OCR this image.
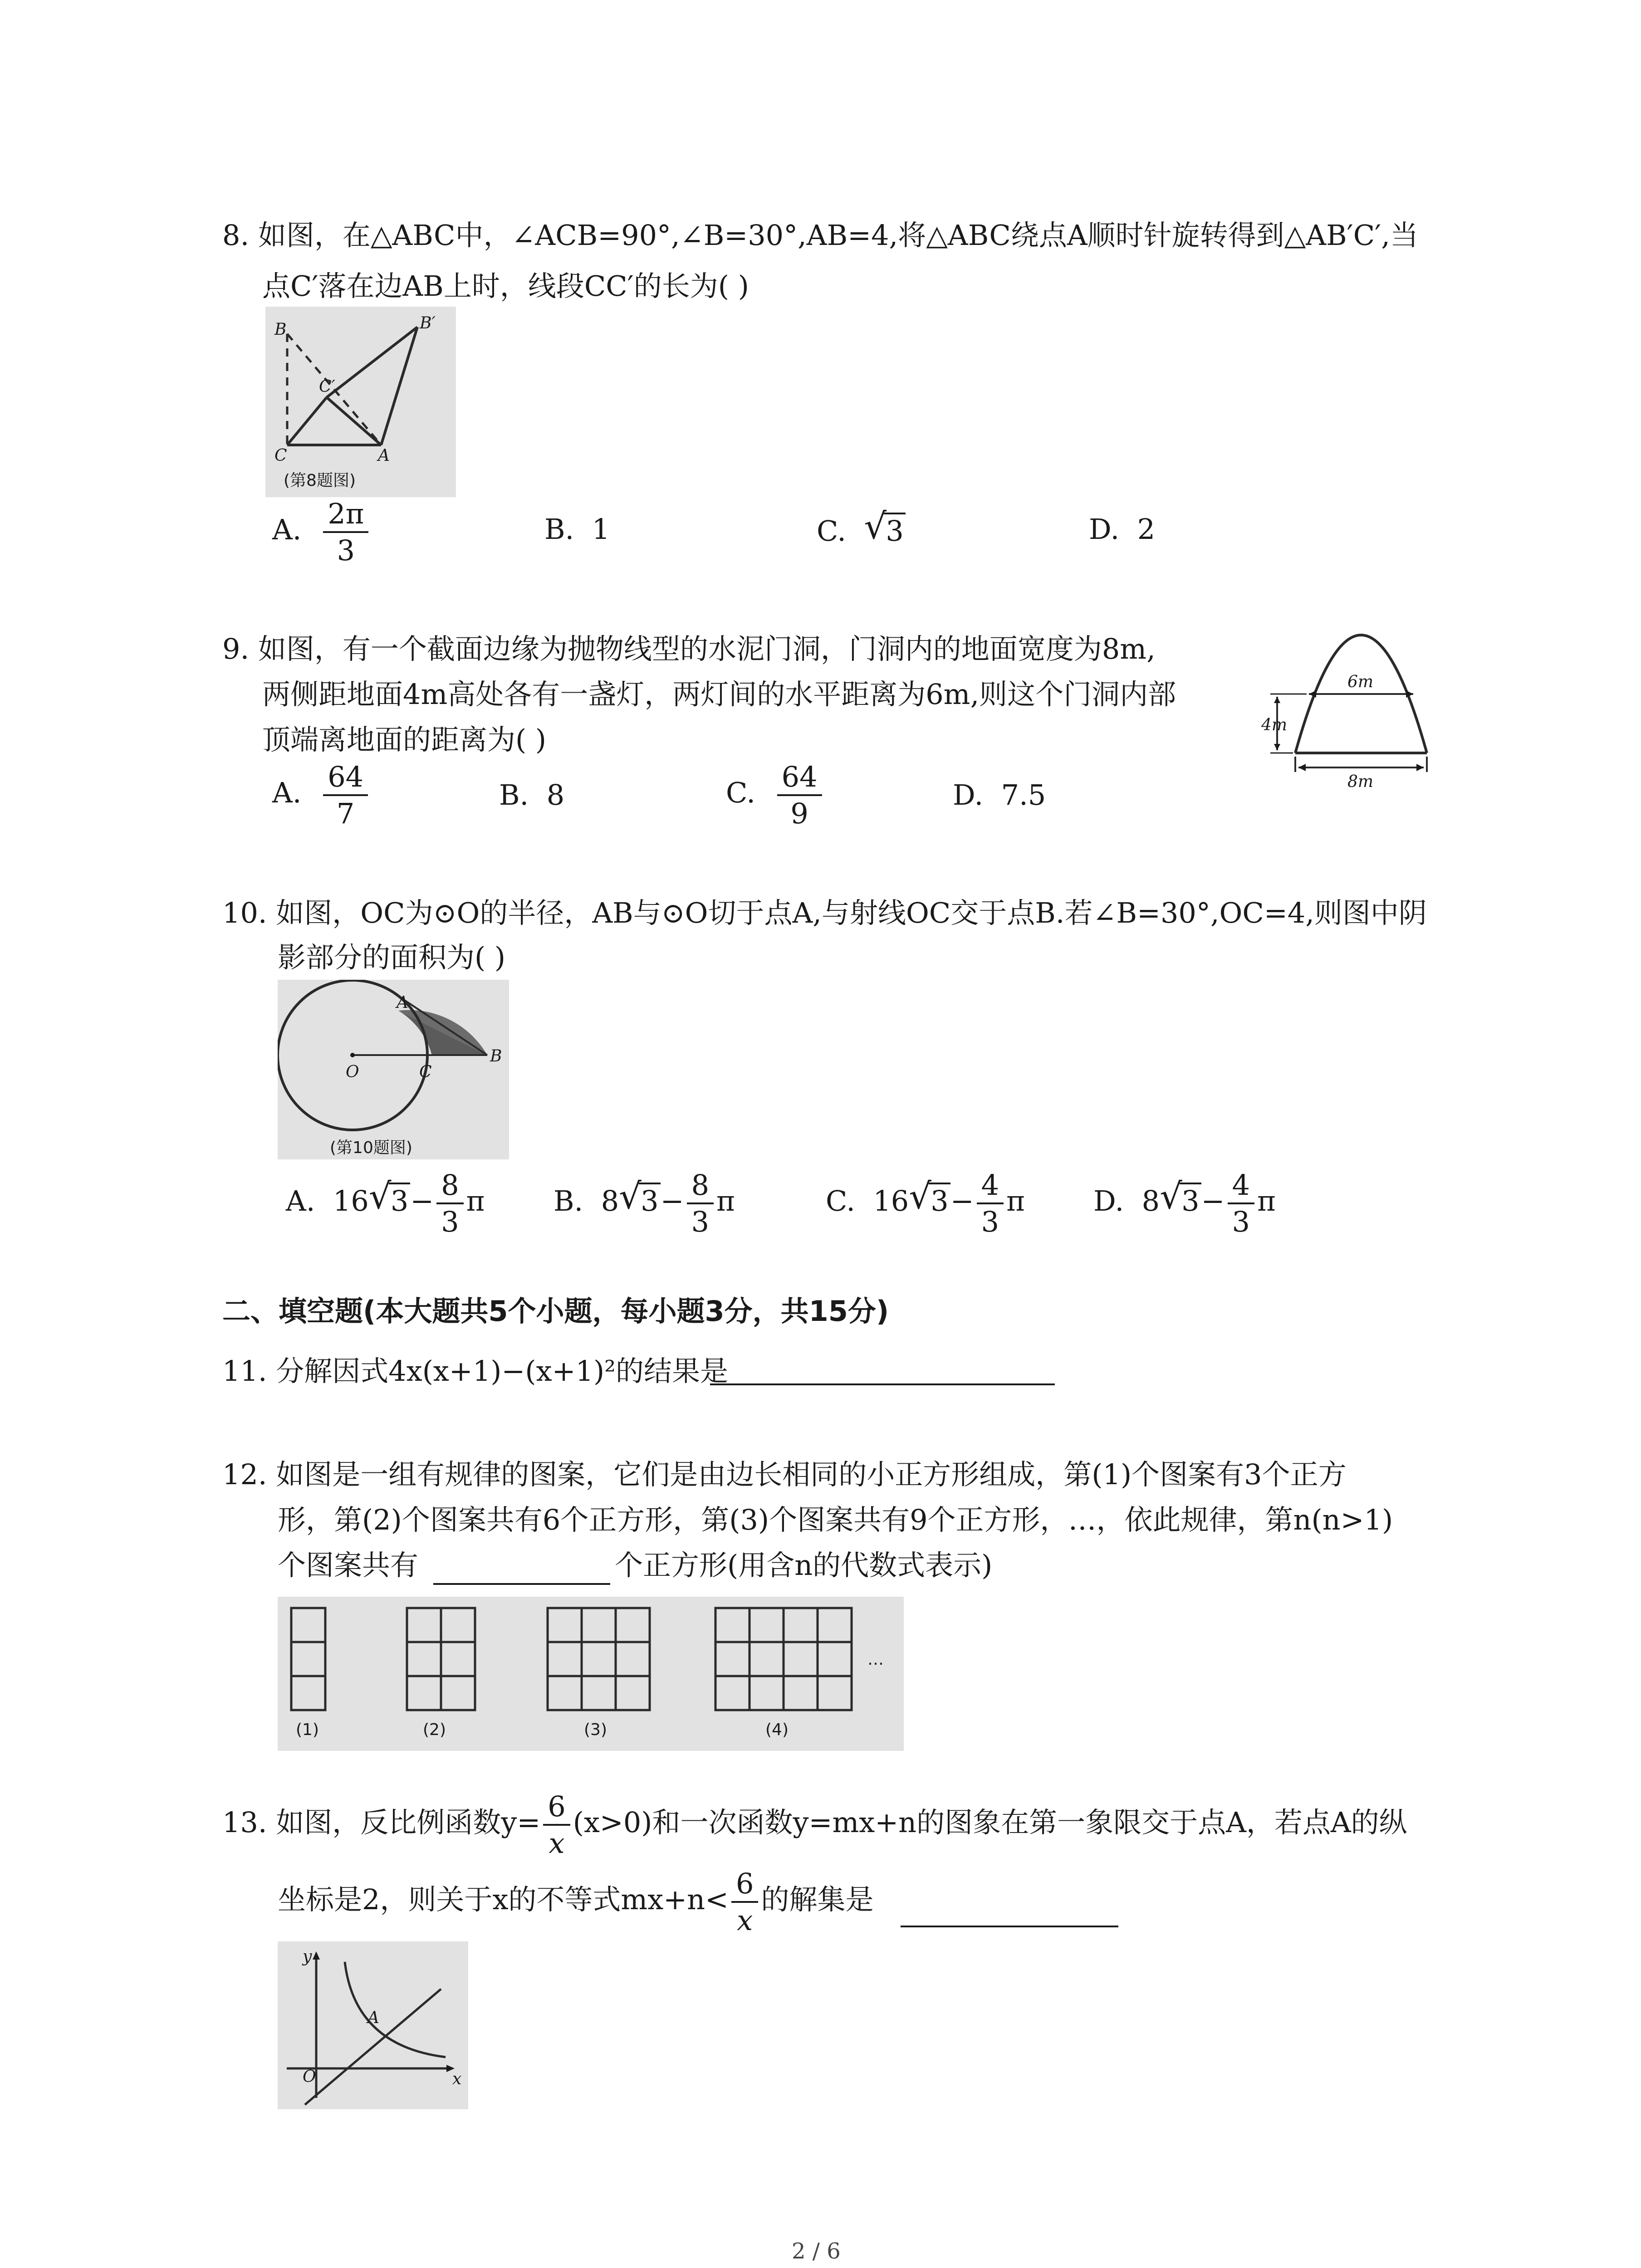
8. 如图，在△ABC中，∠ACB=90°,∠B=30°,AB=4,将△ABC绕点A顺时针旋转得到△AB′C′,当
点C′落在边AB上时，线段CC′的长为( )
B	B′
C′
C	A
(第8题图)
A. $\frac{2\pi}{3}$	B. 1	C. √
3	D. 2
9. 如图，有一个截面边缘为抛物线型的水泥门洞，门洞内的地面宽度为8m,
两侧距地面4m高处各有一盏灯，两灯间的水平距离为6m,则这个门洞内部
顶端离地面的距离为( )
6m
4m
8m
A. $\frac{64}{7}$	B. 8	C. $\frac{64}{9}$	D. 7.5
10. 如图，OC为⊙O的半径，AB与⊙O切于点A,与射线OC交于点B.若∠B=30°,OC=4,则图中阴
影部分的面积为( )
A
O	C
B
(第10题图)
A. 16 √
$3- \frac{8}{3}$ π B. 8 √
$3- \frac{8}{3}$ π	C. 16 √
$3- \frac{4}{3}$ π D. 8 √
$3- \frac{4}{3}$ π
二、填空题(本大题共5个小题，每小题3分，共15分)
11. 分解因式4x(x+1)−(x+1)²的结果是
12. 如图是一组有规律的图案，它们是由边长相同的小正方形组成，第(1)个图案有3个正方
形，第(2)个图案共有6个正方形，第(3)个图案共有9个正方形，…，依此规律，第n(n>1)
个图案共有	个正方形(用含n的代数式表示)
(1)	(2)	(3)	(4)
…
13. 如图，反比例函数$y= \frac{6}{x} (x>0)$和一次函数y=mx+n的图象在第一象限交于点A，若点A的纵
坐标是2，则关于x的不等式$mx+n< \frac{6}{x}$ 的解集是
y
A
O	x
2 / 6
